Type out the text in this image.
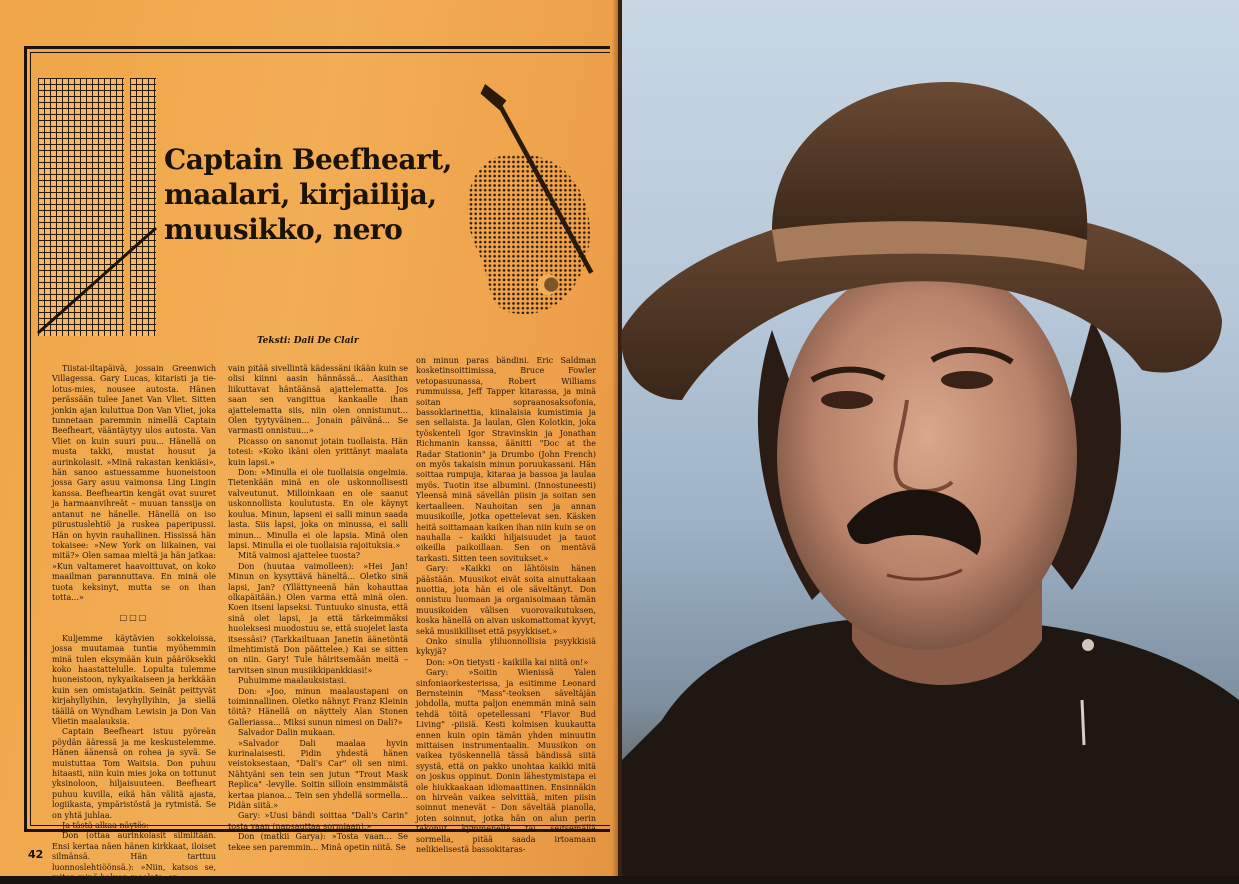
Captain Beefheart, maalari, kirjailija, muusikko, nero
Teksti: Dali De Clair

Tiistai-iltapäivä, jossain Greenwich Villagessa. Gary Lucas, kitaristi ja tie-lotus-mies, nousee autosta. Hänen perässään tulee Janet Van Vliet. Sitten jonkin ajan kuluttua Don Van Vliet, joka tunnetaan paremmin nimellä Captain Beefheart, vääntäytyy ulos autosta. Van Vliet on kuin suuri puu... Hänellä on musta takki, mustat housut ja aurinkolasit. »Minä rakastan kenkiäsi», hän sanoo astuessamme huoneistoon jossa Gary asuu vaimonsa Ling Lingin kanssa. Beefheartin kengät ovat suuret ja harmaanvihreät – muuan tanssija on antanut ne hänelle. Hänellä on iso piirustuslehtiö ja ruskea paperipussi. Hän on hyvin rauhallinen. Hississä hän tokaisee: »New York on liikainen, vai mitä?» Olen samaa mieltä ja hän jatkaa: »Kun valtameret haavoittuvat, on koko maailman parannuttava. En minä ole tuota keksinyt, mutta se on ihan totta...»

□□□

Kuljemme käytävien sokkeloissa, jossa muutamaa tuntia myöhemmin minä tulen eksymään kuin pääröksekki koko haastattelulle. Lopulta tulemme huoneistoon, nykyaikaiseen ja herkkään kuin sen omistajatkin. Seinät peittyvät kirjahyllyihin, levyhyllyihin, ja siellä täällä on Wyndham Lewisin ja Don Van Vlietin maalauksia.

Captain Beefheart istuu pyöreän pöydän ääressä ja me keskustelemme. Hänen äänensä on rohea ja syvä. Se muistuttaa Tom Waitsia. Don puhuu hitaasti, niin kuin mies joka on tottunut yksinoloon, hiljaisuuteen. Beefheart puhuu kuvilla, eikä hän välitä ajasta, logiikasta, ympäristöstä ja rytmistä. Se on yhtä juhlaa.

Ja tästä alkaa näytös:

Don (ottaa aurinkolasit silmiltään. Ensi kertaa näen hänen kirkkaat, iloiset silmänsä. Hän tarttuu luonnoslehtiöönsä.): »Niin, katsos se, miten minä haluan maalata, on

vain pitää sivellintä kädessäni ikään kuin se olisi kiinni aasin hännässä... Aasithan liikuttavat häntäänsä ajattelematta. Jos saan sen vangittua kankaalle ihan ajattelematta siis, niin olen onnistunut... Olen tyytyväinen... Jonain päivänä... Se varmasti onnistuu...»

Picasso on sanonut jotain tuollaista. Hän totesi: »Koko ikäni olen yrittänyt maalata kuin lapsi.»

Don: »Minulla ei ole tuollaisia ongelmia. Tietenkään minä en ole uskonnollisesti valveutunut. Milloinkaan en ole saanut uskonnollista koulutusta. En ole käynyt koulua. Minun, lapseni ei salli minun saada lasta. Siis lapsi, joka on minussa, ei salli minun... Minulla ei ole lapsia. Minä olen lapsi. Minulla ei ole tuollaisia rajoituksia.»

Mitä vaimosi ajattelee tuosta?

Don (huutaa vaimolleen): »Hei Jan! Minun on kysyttävä häneltä... Oletko sinä lapsi, Jan? (Yllättyneenä hän kohauttaa olkapäitään.) Olen varma että minä olen. Koen itseni lapseksi. Tuntuuko sinusta, että sinä olet lapsi, ja että tärkeimmäksi huoleksesi muodostuu se, että suojelet lasta itsessäsi? (Tarkkailtuaan Janetin äänetöntä ilmehtimistä Don päättelee.) Kai se sitten on niin. Gary! Tule häiritsemään meitä – tarvitsen sinun musiikkipankkiasi!»

Puhuimme maalauksistasi.

Don: »Joo, minun maalaustapani on toiminnallinen. Oletko nähnyt Franz Kleinin töitä? Hänellä on näyttely Alan Stonen Galleriassa... Miksi sunun nimesi on Dali?»

Salvador Dalin mukaan.

»Salvador Dali maalaa hyvin kurinalaisesti. Pidin yhdestä hänen veistoksestaan, "Dali's Car" oli sen nimi. Nähtyäni sen tein sen jutun "Trout Mask Replica" -levylle. Soitin silloin ensimmäistä kertaa pianoa... Tein sen yhdellä sormella... Pidän siitä.»

Gary: »Uusi bändi soittaa "Dali's Carin" tosta vaan (napsauttaa sormiaan).»

Don (matkii Garya): »Tosta vaan... Se tekee sen paremmin... Minä opetin niitä. Se

on minun paras bändini. Eric Saldman kosketinsoittimissa, Bruce Fowler vetopasuunassa, Robert Williams rummuissa, Jeff Tapper kitarassa, ja minä soitan sopraanosaksofonia, bassoklarinettia, kiinalaisia kumistimia ja sen sellaista. Ja laulan, Glen Kolotkin, joka työskenteli Igor Stravinskin ja Jonathan Richmanin kanssa, äänitti "Doc at the Radar Stationin" ja Drumbo (John French) on myös takaisin minun poruukassani. Hän soittaa rumpuja, kitaraa ja bassoa ja laulaa myös. Tuotin itse albumini. (Innostuneesti) Yleensä minä sävellän piisin ja soitan sen kertaalleen. Nauhoitan sen ja annan muusikoille, jotka opettelevat sen. Käsken heitä soittamaan kaiken ihan niin kuin se on nauhalla – kaikki hiljaisuudet ja tauot oikeilla paikoillaan. Sen on mentävä tarkasti. Sitten teen sovitukset.»

Gary: »Kaikki on lähtöisin hänen päästään. Muusikot eivät soita ainuttakaan nuottia, jota hän ei ole säveltänyt. Don onnistuu luomaan ja organisoimaan tämän muusikoiden välisen vuorovaikutuksen, koska hänellä on aivan uskomattomat kyvyt, sekä musiikilliset että psyykkiset.»

Onko sinulla yliluonnollisia psyykkisiä kykyjä?

Don: »On tietysti - kaikilla kai niitä on!»

Gary: »Soitin Wienissä Yalen sinfoniaorkesterissa, ja esitimme Leonard Bernsteinin "Mass"-teoksen säveltäjän johdolla, mutta paljon enemmän minä sain tehdä töitä opetellessani "Flavor Bud Living" -piisiä. Kesti kolmisen kuukautta ennen kuin opin tämän yhden minuutin mittaisen instrumentaalin. Muusikon on vaikea työskennellä tässä bändissä siitä syystä, että on pakko unohtaa kaikki mitä on joskus oppinut. Donin lähestymistapa ei ole hiukkaakaan idiomaattinen. Ensinnäkin on hirveän vaikea selvittää, miten piisin soinnut menevät – Don säveltää pianolla, joten soinnut, jotka hän on alun perin takonut kymmenellä tai seitsemällä sormella, pitää saada irtoamaan nelikielisestä bassokitaras-

42
